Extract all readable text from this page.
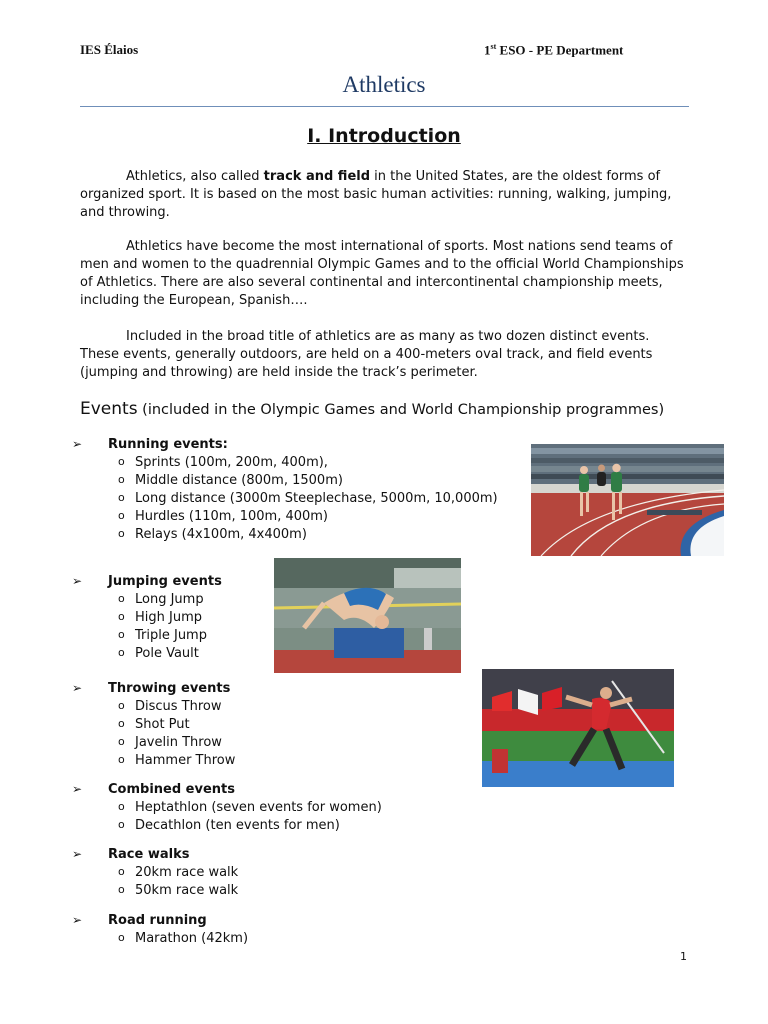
IES Élaios	1st ESO - PE Department
Athletics
I. Introduction

Athletics, also called track and field in the United States, are the oldest forms of organized sport. It is based on the most basic human activities: running, walking, jumping, and throwing.

Athletics have become the most international of sports. Most nations send teams of men and women to the quadrennial Olympic Games and to the official World Championships of Athletics. There are also several continental and intercontinental championship meets, including the European, Spanish….

Included in the broad title of athletics are as many as two dozen distinct events. These events, generally outdoors, are held on a 400-meters oval track, and field events (jumping and throwing) are held inside the track’s perimeter.

Events (included in the Olympic Games and World Championship programmes)
➢ Running events:
o Sprints (100m, 200m, 400m),
o Middle distance (800m, 1500m)
o Long distance (3000m Steeplechase, 5000m, 10,000m)
o Hurdles (110m, 100m, 400m)
o Relays (4x100m, 4x400m)
➢ Jumping events
o Long Jump
o High Jump
o Triple Jump
o Pole Vault
➢ Throwing events
o Discus Throw
o Shot Put
o Javelin Throw
o Hammer Throw
➢ Combined events
o Heptathlon (seven events for women)
o Decathlon (ten events for men)
➢ Race walks
o 20km race walk
o 50km race walk
➢ Road running
o Marathon (42km)
1
